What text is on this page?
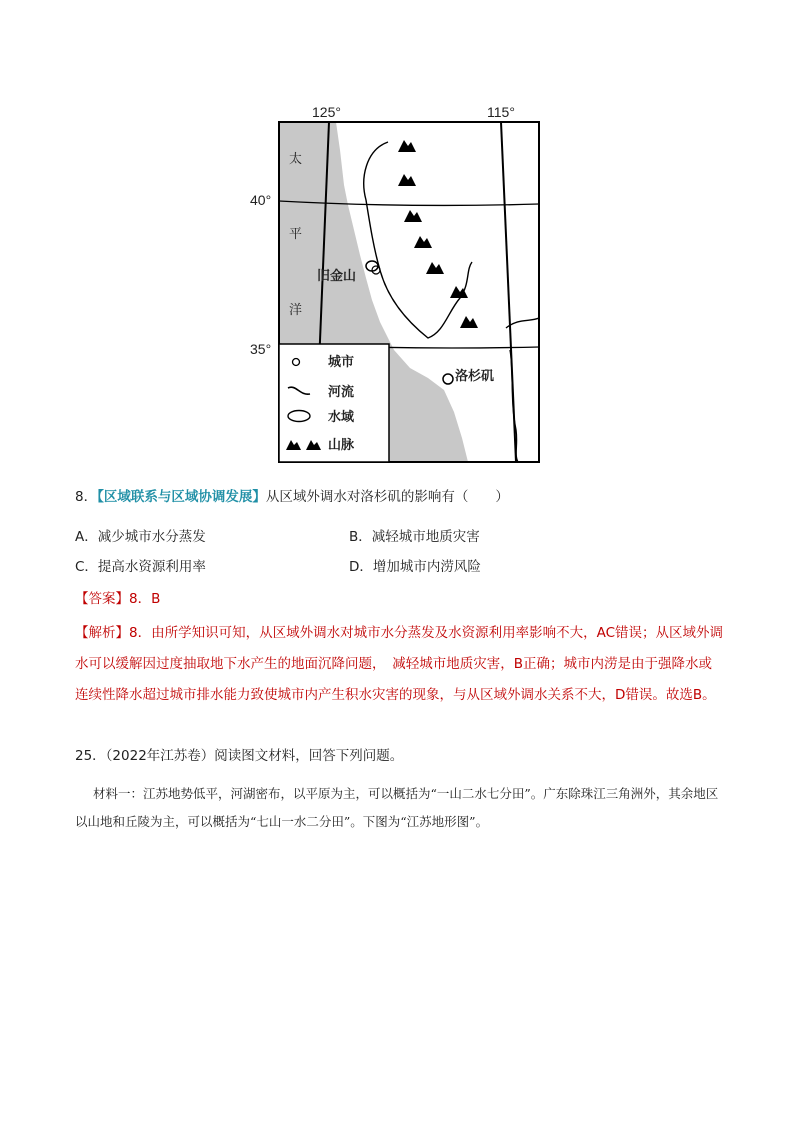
125°	115°
40°
35°
太
平
洋
旧金山
洛杉矶
城市
河流
水域
山脉
8．【区域联系与区域协调发展】从区域外调水对洛杉矶的影响有（　　）
A．减少城市水分蒸发	B．减轻城市地质灾害
C．提高水资源利用率	D．增加城市内涝风险
【答案】8．B
【解析】8．由所学知识可知，从区域外调水对城市水分蒸发及水资源利用率影响不大，AC错误；从区域外调水可以缓解因过度抽取地下水产生的地面沉降问题，　减轻城市地质灾害，B正确；城市内涝是由于强降水或连续性降水超过城市排水能力致使城市内产生积水灾害的现象，与从区域外调水关系不大，D错误。故选B。
25．（2022年江苏卷）阅读图文材料，回答下列问题。
材料一：江苏地势低平，河湖密布，以平原为主，可以概括为“一山二水七分田”。广东除珠江三角洲外，其余地区以山地和丘陵为主，可以概括为“七山一水二分田”。下图为“江苏地形图”。
